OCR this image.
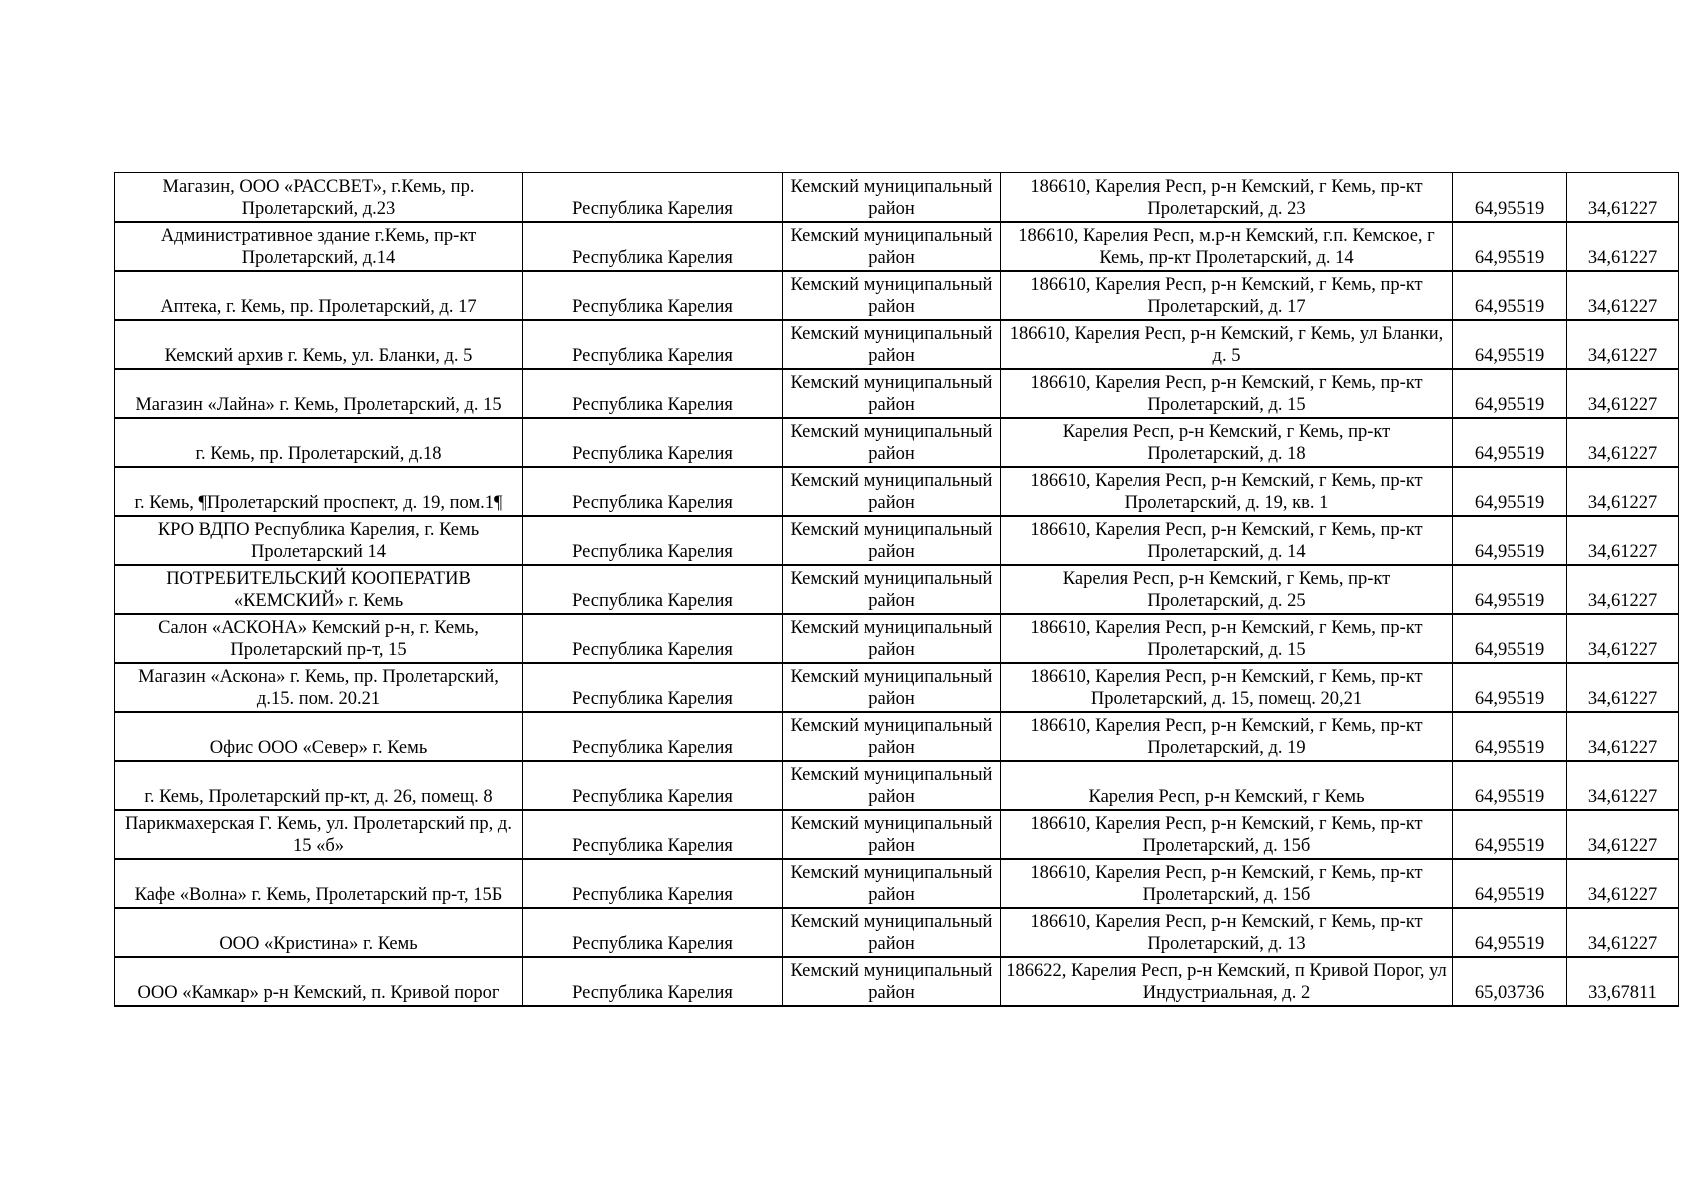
Магазин, ООО «РАССВЕТ», г.Кемь, пр. Пролетарский, д.23	Республика Карелия	Кемский муниципальный район	186610, Карелия Респ, р-н Кемский, г Кемь, пр-кт Пролетарский, д. 23	64,95519	34,61227
Административное здание г.Кемь, пр-кт Пролетарский, д.14	Республика Карелия	Кемский муниципальный район	186610, Карелия Респ, м.р-н Кемский, г.п. Кемское, г Кемь, пр-кт Пролетарский, д. 14	64,95519	34,61227
Аптека, г. Кемь, пр. Пролетарский, д. 17	Республика Карелия	Кемский муниципальный район	186610, Карелия Респ, р-н Кемский, г Кемь, пр-кт Пролетарский, д. 17	64,95519	34,61227
Кемский архив г. Кемь, ул. Бланки, д. 5	Республика Карелия	Кемский муниципальный район	186610, Карелия Респ, р-н Кемский, г Кемь, ул Бланки, д. 5	64,95519	34,61227
Магазин «Лайна» г. Кемь, Пролетарский, д. 15	Республика Карелия	Кемский муниципальный район	186610, Карелия Респ, р-н Кемский, г Кемь, пр-кт Пролетарский, д. 15	64,95519	34,61227
г. Кемь, пр. Пролетарский, д.18	Республика Карелия	Кемский муниципальный район	Карелия Респ, р-н Кемский, г Кемь, пр-кт Пролетарский, д. 18	64,95519	34,61227
г. Кемь, ¶Пролетарский проспект, д. 19, пом.1¶	Республика Карелия	Кемский муниципальный район	186610, Карелия Респ, р-н Кемский, г Кемь, пр-кт Пролетарский, д. 19, кв. 1	64,95519	34,61227
КРО ВДПО Республика Карелия, г. Кемь Пролетарский 14	Республика Карелия	Кемский муниципальный район	186610, Карелия Респ, р-н Кемский, г Кемь, пр-кт Пролетарский, д. 14	64,95519	34,61227
ПОТРЕБИТЕЛЬСКИЙ КООПЕРАТИВ «КЕМСКИЙ» г. Кемь	Республика Карелия	Кемский муниципальный район	Карелия Респ, р-н Кемский, г Кемь, пр-кт Пролетарский, д. 25	64,95519	34,61227
Салон «АСКОНА» Кемский р-н, г. Кемь, Пролетарский пр-т, 15	Республика Карелия	Кемский муниципальный район	186610, Карелия Респ, р-н Кемский, г Кемь, пр-кт Пролетарский, д. 15	64,95519	34,61227
Магазин «Аскона» г. Кемь, пр. Пролетарский, д.15. пом. 20.21	Республика Карелия	Кемский муниципальный район	186610, Карелия Респ, р-н Кемский, г Кемь, пр-кт Пролетарский, д. 15, помещ. 20,21	64,95519	34,61227
Офис ООО «Север» г. Кемь	Республика Карелия	Кемский муниципальный район	186610, Карелия Респ, р-н Кемский, г Кемь, пр-кт Пролетарский, д. 19	64,95519	34,61227
г. Кемь, Пролетарский пр-кт, д. 26, помещ. 8	Республика Карелия	Кемский муниципальный район	Карелия Респ, р-н Кемский, г Кемь	64,95519	34,61227
Парикмахерская Г. Кемь, ул. Пролетарский пр, д. 15 «б»	Республика Карелия	Кемский муниципальный район	186610, Карелия Респ, р-н Кемский, г Кемь, пр-кт Пролетарский, д. 15б	64,95519	34,61227
Кафе «Волна» г. Кемь, Пролетарский пр-т, 15Б	Республика Карелия	Кемский муниципальный район	186610, Карелия Респ, р-н Кемский, г Кемь, пр-кт Пролетарский, д. 15б	64,95519	34,61227
ООО «Кристина» г. Кемь	Республика Карелия	Кемский муниципальный район	186610, Карелия Респ, р-н Кемский, г Кемь, пр-кт Пролетарский, д. 13	64,95519	34,61227
ООО «Камкар» р-н Кемский, п. Кривой порог	Республика Карелия	Кемский муниципальный район	186622, Карелия Респ, р-н Кемский, п Кривой Порог, ул Индустриальная, д. 2	65,03736	33,67811
